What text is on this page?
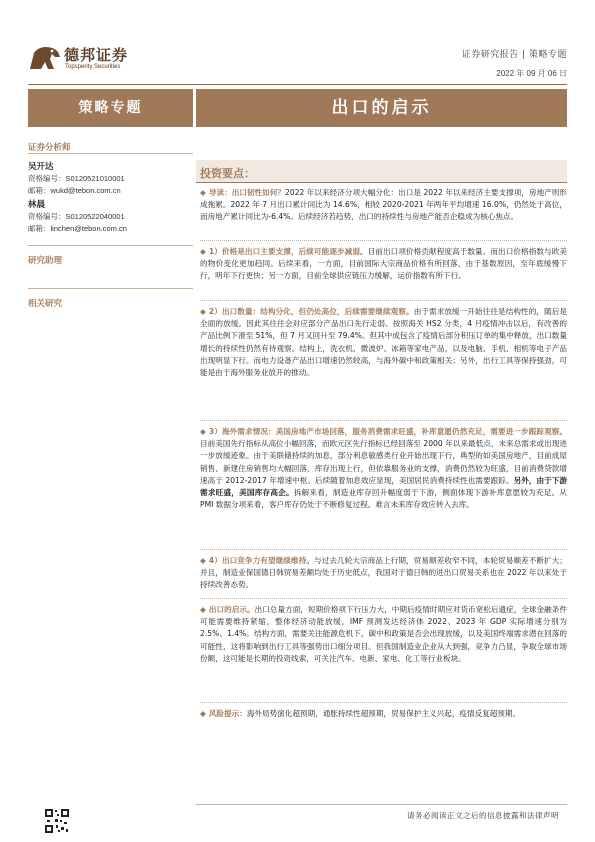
德邦证券
Topsperity Securities
证券研究报告 | 策略专题
2022 年 09 月 06 日
策略专题	出口的启示
证券分析师
吴开达
资格编号：S0120521010001
邮箱：wukd@tebon.com.cn
林晨
资格编号：S0120522040001
邮箱：linchen@tebon.com.cn
研究助理
相关研究
投资要点：
◆ 导读：出口韧性如何？2022 年以来经济分项大幅分化：出口是 2022 年以来经济主要支撑项，房地产则形成拖累。2022 年 7 月出口累计同比为 14.6%，相较 2020-2021 年两年平均增速 16.0%，仍然处于高位，而房地产累计同比为-6.4%。后续经济若趋势，出口的持续性与房地产能否企稳成为核心焦点。
◆ 1）价格是出口主要支撑，后续可能逐步减弱。目前出口项价格贡献程度高于数量。而出口价格指数与欧美的物价变化更加趋同。后续来看，一方面，目前国际大宗商品价格有所回落，由于基数原因，至年底缓慢下行，明年下行更快；另一方面，目前全球供应链压力缓解，运价指数有所下行。
◆ 2）出口数量：结构分化，但仍处高位，后续需要继续观察。由于需求放缓一开始往往是结构性的，随后是全面的放缓。因此其往往会对应部分产品出口先行走弱。按照海关 HS2 分类，4 月疫情冲击以后，有改善的产品比例下滑至 51%，但 7 月又回升至 79.4%。但其中成包含了疫情后部分积压订单的集中释放，出口数量增长的持续性仍然有待观察。结构上，洗衣机、微波炉、冰箱等家电产品，以及电脑、手机、相机等电子产品出现明显下行。而电力设备产品出口增速仍然较高，与海外碳中和政策相关；另外，出行工具等保持强劲，可能是由于海外服务业放开的推动。
◆ 3）海外需求情况：美国房地产市场回落，服务消费需求旺盛，补库意愿仍然充足，需要进一步跟踪观察。目前美国先行指标从高位小幅回落，而欧元区先行指标已经回落至 2000 年以来最低点，未来总需求或出现进一步放缓迹象。由于美联储持续的加息，部分利息敏感类行业开始出现下行，典型的如美国房地产，目前成屋销售、新建住房销售均大幅回落，库存出现上行，但依靠服务业的支撑，消费仍然较为旺盛，目前消费贷款增速高于 2012-2017 年增速中枢。后续随着加息效应显现，美国居民消费持续性也需要跟踪。另外，由于下游需求旺盛，美国库存高企。拆解来看，制造业库存回升幅度弱于下游，侧面体现下游补库意愿较为充足。从 PMI 数据分项来看，客户库存仍处于不断修复过程。难言未来库存效应转入去库。
◆ 4）出口竞争力有望继续维持。与过去几轮大宗商品上行期，贸易顺差收窄不同，本轮贸易顺差不断扩大；并且，制造业保国德日韩贸易差额均处于历史低点，我国对于德日韩的进出口贸易关系也在 2022 年以来处于持续改善态势。
◆ 出口的启示。出口总量方面，短期价格项下行压力大，中期后疫情时期应对货币宽松后遗症，全球金融条件可能需要维持紧缩，整体经济动能放缓，IMF 预测发达经济体 2022、2023 年 GDP 实际增速分别为 2.5%、1.4%。结构方面，需要关注能源危机下，碳中和政策是否会出现放缓，以及美国终端需求潜在回落的可能性，这将影响到出行工具等强势出口细分项目。但我国制造业企业从大到强，竞争力凸显，争取全球市场份额，这可能是长期的投资线索，可关注汽车、电新、家电、化工等行业板块。
◆ 风险提示：海外局势演化超预期，通胀持续性超预期，贸易保护主义兴起，疫情反复超预期。
请务必阅读正文之后的信息披露和法律声明
